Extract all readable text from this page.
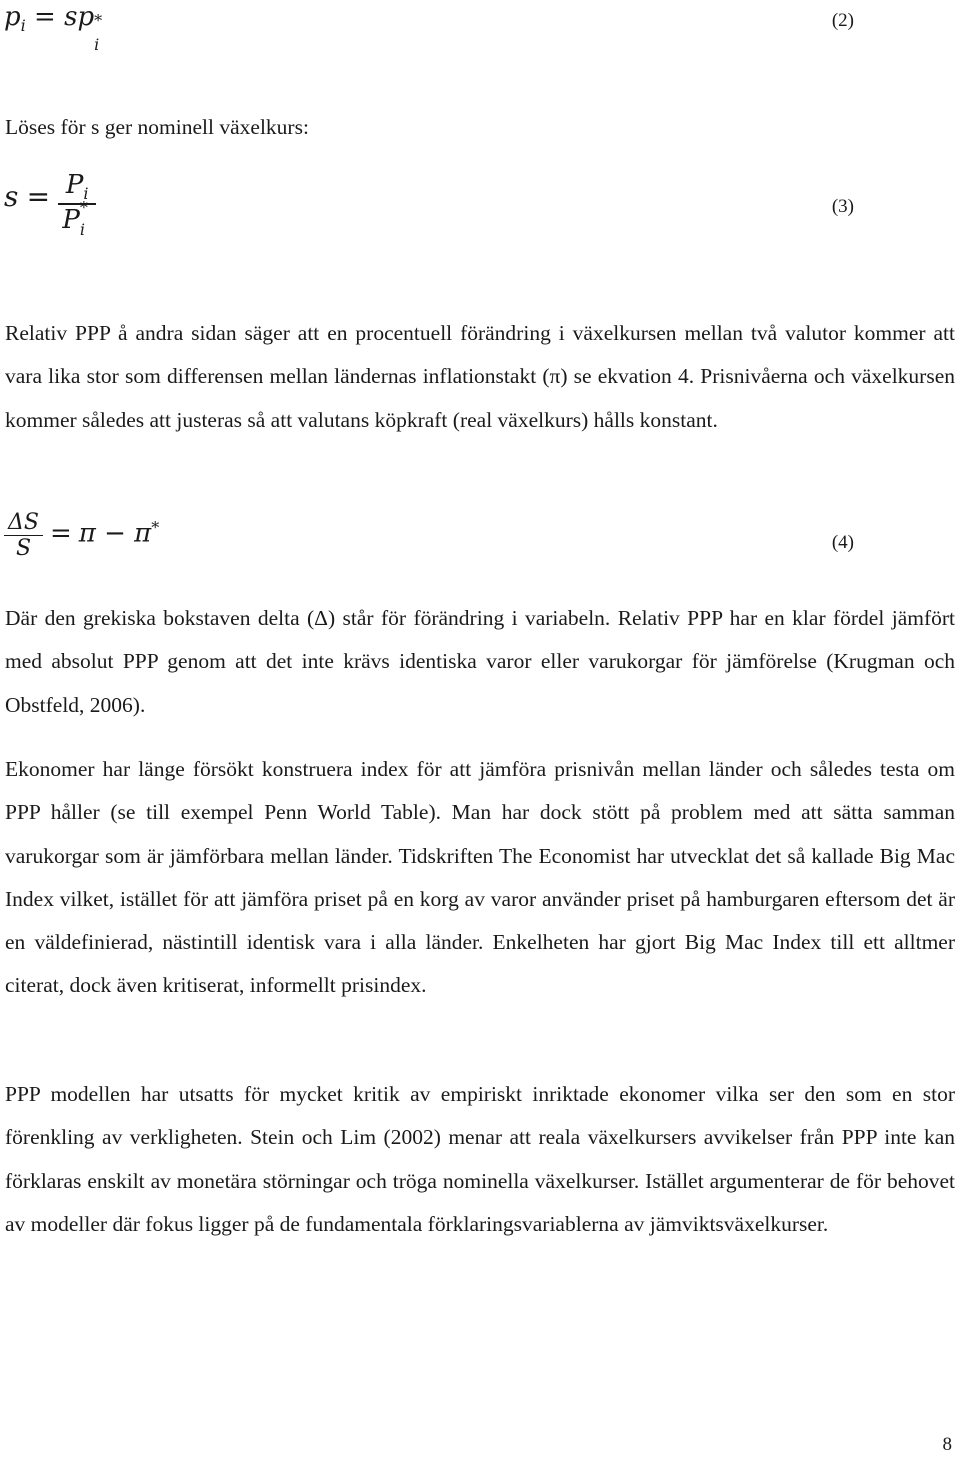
$p_i$ = sp *
i
(2)
Löses för s ger nominell växelkurs:
$s = P_i$
P *
i	(3)
Relativ PPP å andra sidan säger att en procentuell förändring i växelkursen mellan två valutor kommer att vara lika stor som differensen mellan ländernas inflationstakt (π) se ekvation 4. Prisnivåerna och växelkursen kommer således att justeras så att valutans köpkraft (real växelkurs) hålls konstant.
$\frac{\Delta S}{S} = \pi - \pi^*$
(4)
Där den grekiska bokstaven delta (Δ) står för förändring i variabeln. Relativ PPP har en klar fördel jämfört med absolut PPP genom att det inte krävs identiska varor eller varukorgar för jämförelse (Krugman och Obstfeld, 2006).
Ekonomer har länge försökt konstruera index för att jämföra prisnivån mellan länder och således testa om PPP håller (se till exempel Penn World Table). Man har dock stött på problem med att sätta samman varukorgar som är jämförbara mellan länder. Tidskriften The Economist har utvecklat det så kallade Big Mac Index vilket, istället för att jämföra priset på en korg av varor använder priset på hamburgaren eftersom det är en väldefinierad, nästintill identisk vara i alla länder. Enkelheten har gjort Big Mac Index till ett alltmer citerat, dock även kritiserat, informellt prisindex.
PPP modellen har utsatts för mycket kritik av empiriskt inriktade ekonomer vilka ser den som en stor förenkling av verkligheten. Stein och Lim (2002) menar att reala växelkursers avvikelser från PPP inte kan förklaras enskilt av monetära störningar och tröga nominella växelkurser. Istället argumenterar de för behovet av modeller där fokus ligger på de fundamentala förklaringsvariablerna av jämviktsväxelkurser.
8
